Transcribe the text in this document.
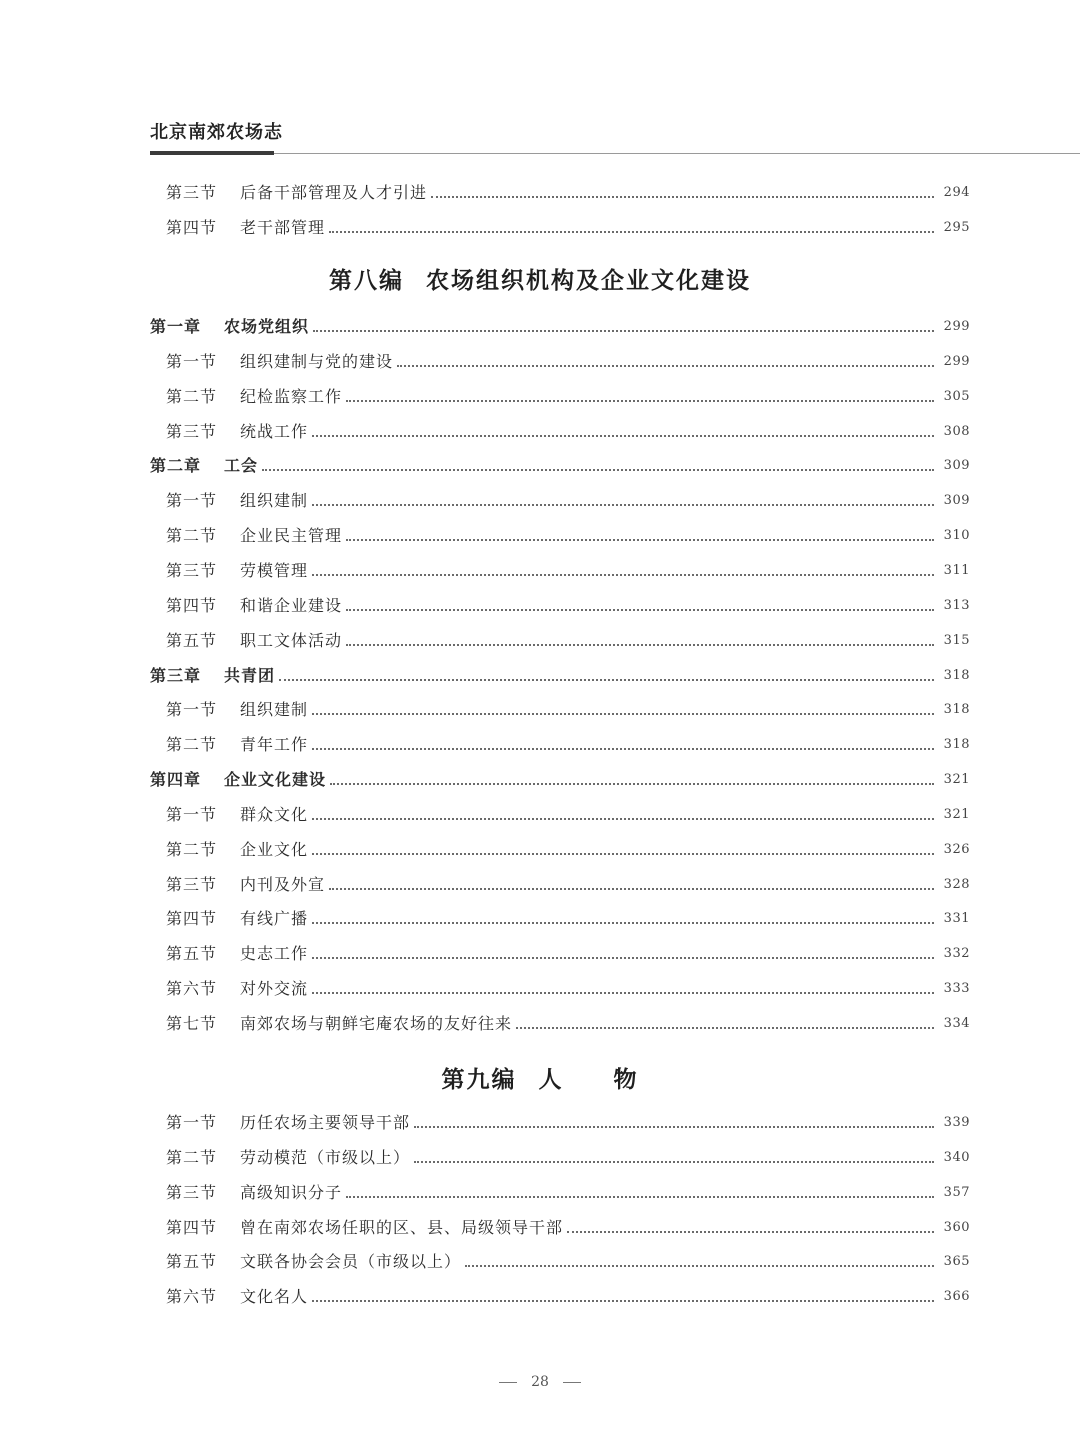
北京南郊农场志
第三节	后备干部管理及人才引进	294
第四节	老干部管理	295
第八编 农场组织机构及企业文化建设
第一章	农场党组织	299
第一节	组织建制与党的建设	299
第二节	纪检监察工作	305
第三节	统战工作	308
第二章	工会	309
第一节	组织建制	309
第二节	企业民主管理	310
第三节	劳模管理	311
第四节	和谐企业建设	313
第五节	职工文体活动	315
第三章	共青团	318
第一节	组织建制	318
第二节	青年工作	318
第四章	企业文化建设	321
第一节	群众文化	321
第二节	企业文化	326
第三节	内刊及外宣	328
第四节	有线广播	331
第五节	史志工作	332
第六节	对外交流	333
第七节	南郊农场与朝鲜宅庵农场的友好往来	334
第九编 人　　物
第一节	历任农场主要领导干部	339
第二节	劳动模范（市级以上）	340
第三节	高级知识分子	357
第四节	曾在南郊农场任职的区、县、局级领导干部	360
第五节	文联各协会会员（市级以上）	365
第六节	文化名人	366
28
